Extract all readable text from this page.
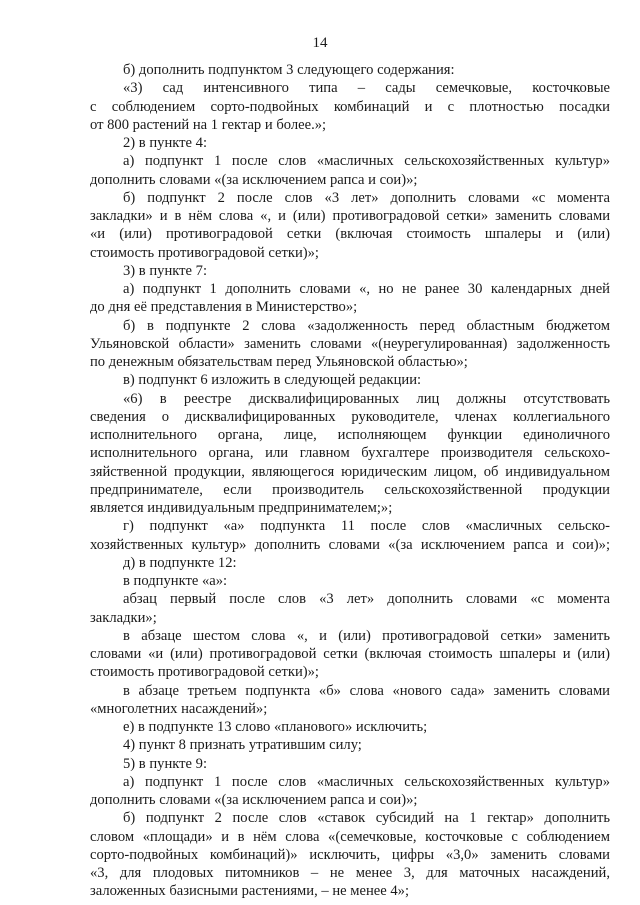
14
б) дополнить подпунктом 3 следующего содержания:
«3) сад интенсивного типа – сады семечковые, косточковые
с соблюдением сорто-подвойных комбинаций и с плотностью посадки
от 800 растений на 1 гектар и более.»;
2) в пункте 4:
а) подпункт 1 после слов «масличных сельскохозяйственных культур»
дополнить словами «(за исключением рапса и сои)»;
б) подпункт 2 после слов «3 лет» дополнить словами «с момента
закладки» и в нём слова «, и (или) противоградовой сетки» заменить словами
«и (или) противоградовой сетки (включая стоимость шпалеры и (или)
стоимость противоградовой сетки)»;
3) в пункте 7:
а) подпункт 1 дополнить словами «, но не ранее 30 календарных дней
до дня её представления в Министерство»;
б) в подпункте 2 слова «задолженность перед областным бюджетом
Ульяновской области» заменить словами «(неурегулированная) задолженность
по денежным обязательствам перед Ульяновской областью»;
в) подпункт 6 изложить в следующей редакции:
«6) в реестре дисквалифицированных лиц должны отсутствовать
сведения о дисквалифицированных руководителе, членах коллегиального
исполнительного органа, лице, исполняющем функции единоличного
исполнительного органа, или главном бухгалтере производителя сельскохо-
зяйственной продукции, являющегося юридическим лицом, об индивидуальном
предпринимателе, если производитель сельскохозяйственной продукции
является индивидуальным предпринимателем;»;
г) подпункт «а» подпункта 11 после слов «масличных сельско-
хозяйственных культур» дополнить словами «(за исключением рапса и сои)»;
д) в подпункте 12:
в подпункте «а»:
абзац первый после слов «3 лет» дополнить словами «с момента
закладки»;
в абзаце шестом слова «, и (или) противоградовой сетки» заменить
словами «и (или) противоградовой сетки (включая стоимость шпалеры и (или)
стоимость противоградовой сетки)»;
в абзаце третьем подпункта «б» слова «нового сада» заменить словами
«многолетних насаждений»;
е) в подпункте 13 слово «планового» исключить;
4) пункт 8 признать утратившим силу;
5) в пункте 9:
а) подпункт 1 после слов «масличных сельскохозяйственных культур»
дополнить словами «(за исключением рапса и сои)»;
б) подпункт 2 после слов «ставок субсидий на 1 гектар» дополнить
словом «площади» и в нём слова «(семечковые, косточковые с соблюдением
сорто-подвойных комбинаций)» исключить, цифры «3,0» заменить словами
«3, для плодовых питомников – не менее 3, для маточных насаждений,
заложенных базисными растениями, – не менее 4»;
